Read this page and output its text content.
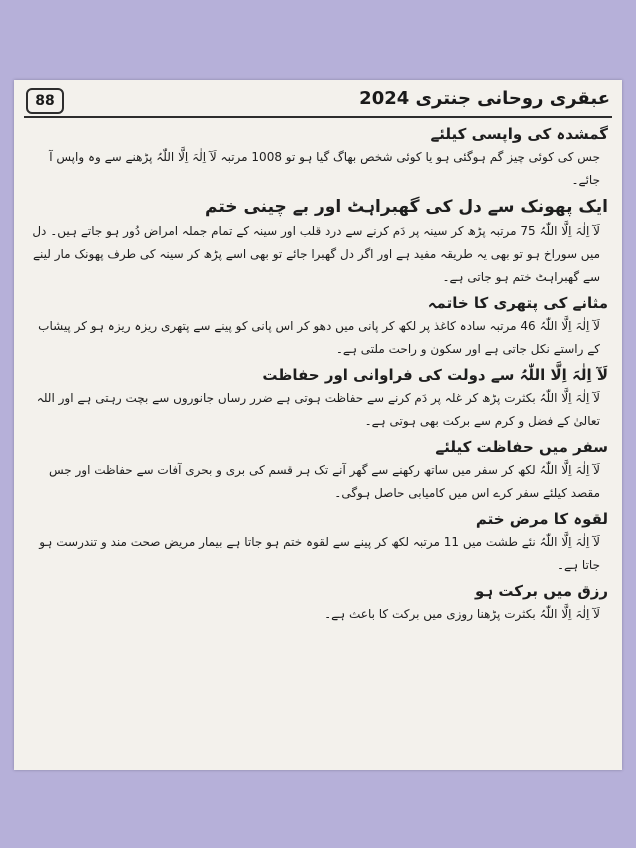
88	عبقری روحانی جنتری 2024
گمشدہ کی واپسی کیلئے

جس کی کوئی چیز گم ہوگئی ہو یا کوئی شخص بھاگ گیا ہو تو 1008 مرتبہ لَآ اِلٰہَ اِلَّا اللّٰہُ پڑھنے سے وہ واپس آ جائے۔

ایک پھونک سے دل کی گھبراہٹ اور بے چینی ختم

لَآ اِلٰہَ اِلَّا اللّٰہُ 75 مرتبہ پڑھ کر سینہ پر دَم کرنے سے درد قلب اور سینہ کے تمام جملہ امراض دُور ہو جاتے ہیں۔ دل میں سوراخ ہو تو بھی یہ طریقہ مفید ہے اور اگر دل گھبرا جائے تو بھی اسے پڑھ کر سینہ کی طرف پھونک مار لینے سے گھبراہٹ ختم ہو جاتی ہے۔

مثانے کی پتھری کا خاتمہ

لَآ اِلٰہَ اِلَّا اللّٰہُ 46 مرتبہ سادہ کاغذ پر لکھ کر پانی میں دھو کر اس پانی کو پینے سے پتھری ریزہ ریزہ ہو کر پیشاب کے راستے نکل جاتی ہے اور سکون و راحت ملتی ہے۔

لَآ اِلٰہَ اِلَّا اللّٰہُ سے دولت کی فراوانی اور حفاظت

لَآ اِلٰہَ اِلَّا اللّٰہُ بکثرت پڑھ کر غلہ پر دَم کرنے سے حفاظت ہوتی ہے ضرر رساں جانوروں سے بچت رہتی ہے اور اللہ تعالیٰ کے فضل و کرم سے برکت بھی ہوتی ہے۔

سفر میں حفاظت کیلئے

لَآ اِلٰہَ اِلَّا اللّٰہُ لکھ کر سفر میں ساتھ رکھنے سے گھر آنے تک ہر قسم کی بری و بحری آفات سے حفاظت اور جس مقصد کیلئے سفر کرے اس میں کامیابی حاصل ہوگی۔

لقوہ کا مرض ختم

لَآ اِلٰہَ اِلَّا اللّٰہُ نئے طشت میں 11 مرتبہ لکھ کر پینے سے لقوہ ختم ہو جاتا ہے بیمار مریض صحت مند و تندرست ہو جاتا ہے۔

رزق میں برکت ہو

لَآ اِلٰہَ اِلَّا اللّٰہُ بکثرت پڑھنا روزی میں برکت کا باعث ہے۔
